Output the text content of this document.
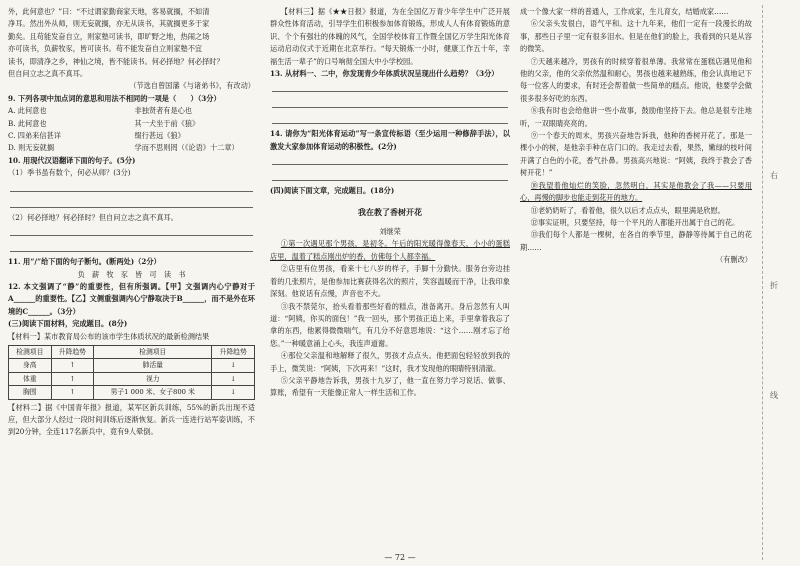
外，此何意也？”曰：“不过谓家勤商家天地，客易就搁，不如清

净耳。然出外从师，则无妄就搁，亦无从读书，其就搁更多于家

勤矣。且苟能发奋自立，则家塾可读书，即旷野之地，热闹之场

亦可读书，负薪牧豕，皆可读书。苟不能发奋自立则家塾不宜

读书，即清净之乡，神仙之境，皆不能读书。何必择地？何必择时？

但自问立志之真不真耳。

（节选自曾国藩《与诸弟书》，有改动）

9. 下列各项中加点词的意思和用法不相同的一项是（　　）（3分）

A. 此何意也	非独贤者有是心也
B. 此何意也	其一犬坐于前《狼》
C. 四弟来信甚详	缀行甚远《狼》
D. 则无妄就搁	学而不思则罔（《论语》十二章）

10. 用现代汉语翻译下面的句子。(5分)

（1）季书虽有数个，何必从师？(3分)

（2）何必择地？何必择时？但自问立志之真不真耳。

11. 用“/”给下面的句子断句。(断两处)（2分）

负　薪　牧　豕　皆　可　读　书

12. 本文强调了“静”的重要性，但有所强调。【甲】文强调内心宁静对于A______的重要性。【乙】文侧重强调内心宁静取决于B______，而不是外在环境的C______。（3分）

(三)阅读下面材料，完成题目。(8分)

【材料一】某市教育局公布的该市学生体质状况的最新检测结果

检测项目	升降趋势	检测项目	升降趋势
身高	↑	肺活量	↓
体重	↑	视力	↓
胸围	↑	男子1 000 米、女子800 米	↓

【材料二】据《中国青年报》报道，某军区新兵训练，55%的新兵出现不适应，但大部分人经过一段时间训练后逐渐恢复。新兵一连进行站军姿训练，不到20分钟，全连117名新兵中，竟有9人晕倒。

【材料三】据《★★日报》报道，为在全国亿万青少年学生中广泛开展群众性体育活动，引导学生们积极参加体育锻炼，形成人人有体育锻炼的意识、个个有强壮的体魄的风气，全国学校体育工作暨全国亿万学生阳光体育运动启动仪式于近期在北京举行。“每天锻炼一小时，健康工作五十年，幸福生活一辈子”的口号响彻全国大中小学校园。

13. 从材料一、二中，你发现青少年体质状况呈现出什么趋势？（3分）

14. 请你为“阳光体育运动”写一条宣传标语（至少运用一种修辞手法），以激发大家参加体育运动的积极性。(2分)

(四)阅读下面文章，完成题目。(18分)

我在教了香树开花

刘继荣

①第一次遇见那个男孩，是初冬。午后的阳光暖得像春天，小小的蛋糕店里，温着了糕点刚出炉的香，仿佛每个人都幸福。

②店里有位男孩，看来十七八岁的样子，手脚十分勤快。服务台旁边挂着的几张照片，是他参加比赛获得名次的照片，笑容温暖而干净，让我印象深刻。他说话有点慢，声音也不大。

③我不禁莞尔，抬头看着那些好看的糕点，准备离开。身后忽然有人叫道：“阿姨，你买的面包！”我一回头，那个男孩正追上来，手里拿着我忘了拿的东西，他累得微微喘气，有几分不好意思地说：“这个……刚才忘了给您。”一种暖意涌上心头，我连声道谢。

④那位父亲温和地解释了很久，男孩才点点头。他把面包轻轻放到我的手上，微笑说：“阿姨，下次再来！”这时，我才发现他的眼睛特别清澈。

⑤父亲平静地告诉我，男孩十九岁了，他一直在努力学习说话、做事、算账，希望有一天能像正常人一样生活和工作。

成一个像大家一样的普通人，工作成家，生儿育女，结婚成家……

⑥父亲头发很白，语气平和。这十九年来，他们一定有一段漫长的故事，那些日子里一定有很多泪水。但是在他们的脸上，我看到的只是从容的微笑。

⑦天越来越冷，男孩有的时候穿着很单薄。我常常在蛋糕店遇见他和他的父亲，他的父亲依然温和耐心，男孩也越来越熟练，他会认真地记下每一位客人的要求，有时还会帮着做一些简单的糕点。他说，他要学会做很多很多好吃的东西。

⑧我有时也会给他讲一些小故事，鼓励他坚持下去。他总是很专注地听，一双眼睛亮亮的。

⑨一个春天的周末，男孩兴奋地告诉我，他种的香树开花了。那是一棵小小的树，是他亲手种在店门口的。我走过去看，果然，嫩绿的枝叶间开满了白色的小花，香气扑鼻。男孩高兴地说：“阿姨，我终于教会了香树开花！”

⑩我望着他灿烂的笑脸，忽然明白，其实是他教会了我——只要用心，再慢的脚步也能走到花开的地方。

⑪老奶奶听了，看着他，很久以后才点点头，眼里满是欣慰。

⑫事实证明，只要坚持，每一个平凡的人都能开出属于自己的花。

⑬我们每个人都是一棵树，在各自的季节里，静静等待属于自己的花期……

（有删改）

右
折
线
— 72 —
